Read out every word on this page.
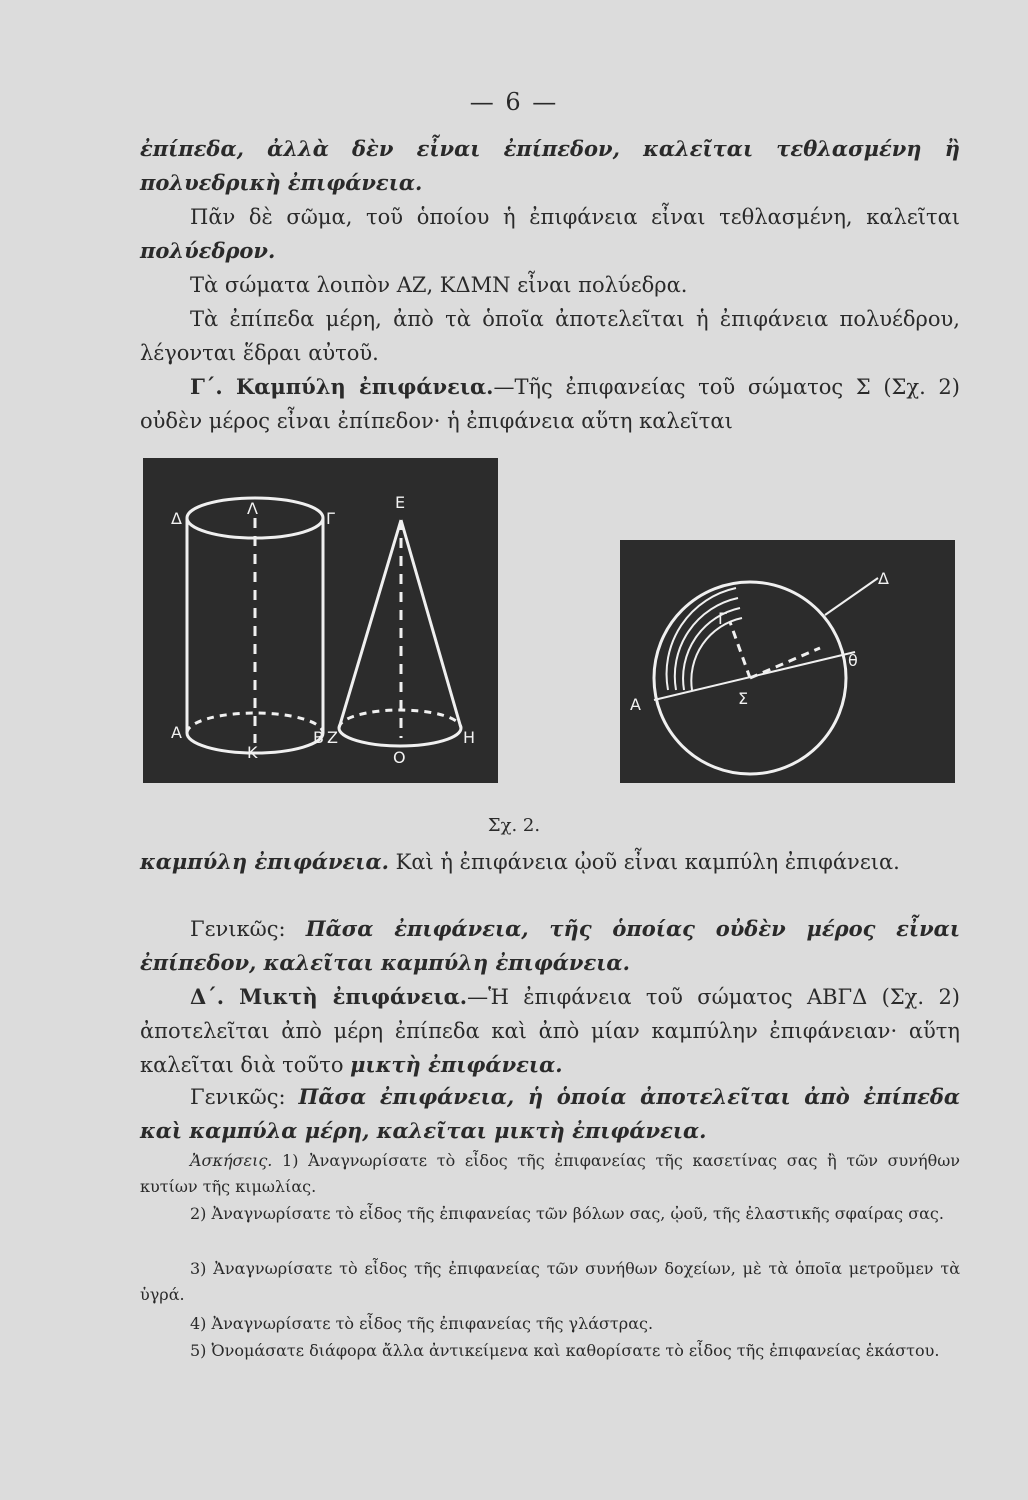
— 6 —
ἐπίπεδα, ἀλλὰ δὲν εἶναι ἐπίπεδον, καλεῖται τεθλασμένη ἢ πολυεδρικὴ ἐπιφάνεια.
Πᾶν δὲ σῶμα, τοῦ ὁποίου ἡ ἐπιφάνεια εἶναι τεθλασμένη, καλεῖται πολύεδρον.
Τὰ σώματα λοιπὸν ΑΖ, ΚΔΜΝ εἶναι πολύεδρα.
Τὰ ἐπίπεδα μέρη, ἀπὸ τὰ ὁποῖα ἀποτελεῖται ἡ ἐπιφάνεια πολυέδρου, λέγονται ἕδραι αὐτοῦ.
Γ΄. Καμπύλη ἐπιφάνεια.—Τῆς ἐπιφανείας τοῦ σώματος Σ (Σχ. 2) οὐδὲν μέρος εἶναι ἐπίπεδον· ἡ ἐπιφάνεια αὕτη καλεῖται
Δ
Λ
Γ
Ε
Α
Κ
Β Ζ
Ο
Η
Δ
Γ
θ
Α	Σ
Σχ. 2.
καμπύλη ἐπιφάνεια. Καὶ ἡ ἐπιφάνεια ᾠοῦ εἶναι καμπύλη ἐπιφάνεια.
Γενικῶς: Πᾶσα ἐπιφάνεια, τῆς ὁποίας οὐδὲν μέρος εἶναι ἐπίπεδον, καλεῖται καμπύλη ἐπιφάνεια.
Δ΄. Μικτὴ ἐπιφάνεια.—Ἡ ἐπιφάνεια τοῦ σώματος ΑΒΓΔ (Σχ. 2) ἀποτελεῖται ἀπὸ μέρη ἐπίπεδα καὶ ἀπὸ μίαν καμπύλην ἐπιφάνειαν· αὕτη καλεῖται διὰ τοῦτο μικτὴ ἐπιφάνεια.
Γενικῶς: Πᾶσα ἐπιφάνεια, ἡ ὁποία ἀποτελεῖται ἀπὸ ἐπίπεδα καὶ καμπύλα μέρη, καλεῖται μικτὴ ἐπιφάνεια.
Ἀσκήσεις. 1) Ἀναγνωρίσατε τὸ εἶδος τῆς ἐπιφανείας τῆς κασετίνας σας ἢ τῶν συνήθων κυτίων τῆς κιμωλίας.
2) Ἀναγνωρίσατε τὸ εἶδος τῆς ἐπιφανείας τῶν βόλων σας, ᾠοῦ, τῆς ἐλαστικῆς σφαίρας σας.
3) Ἀναγνωρίσατε τὸ εἶδος τῆς ἐπιφανείας τῶν συνήθων δοχείων, μὲ τὰ ὁποῖα μετροῦμεν τὰ ὑγρά.
4) Ἀναγνωρίσατε τὸ εἶδος τῆς ἐπιφανείας τῆς γλάστρας.
5) Ὀνομάσατε διάφορα ἄλλα ἀντικείμενα καὶ καθορίσατε τὸ εἶδος τῆς ἐπιφανείας ἑκάστου.
